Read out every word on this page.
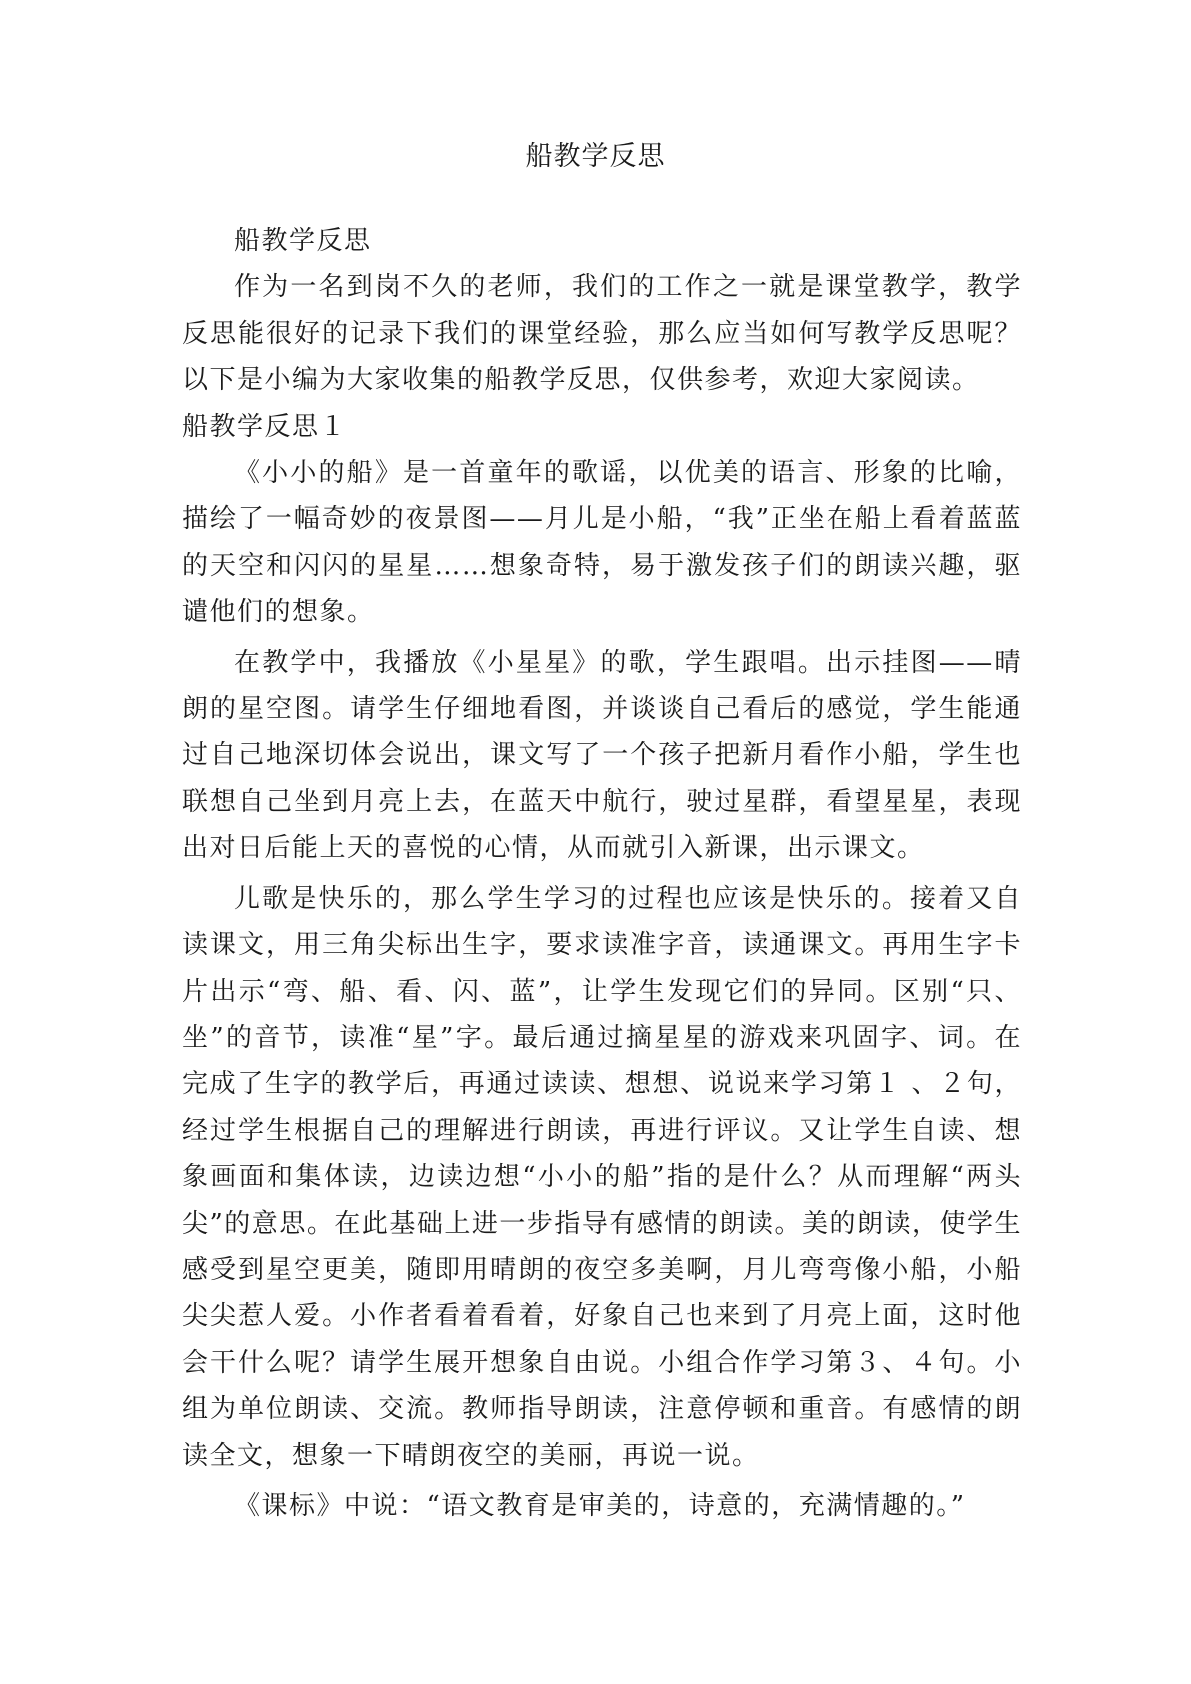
船教学反思

船教学反思

作为一名到岗不久的老师，我们的工作之一就是课堂教学，教学反思能很好的记录下我们的课堂经验，那么应当如何写教学反思呢？以下是小编为大家收集的船教学反思，仅供参考，欢迎大家阅读。

船教学反思１

《小小的船》是一首童年的歌谣，以优美的语言、形象的比喻，描绘了一幅奇妙的夜景图——月儿是小船，“我”正坐在船上看着蓝蓝的天空和闪闪的星星……想象奇特，易于激发孩子们的朗读兴趣，驱谴他们的想象。

在教学中，我播放《小星星》的歌，学生跟唱。出示挂图——晴朗的星空图。请学生仔细地看图，并谈谈自己看后的感觉，学生能通过自己地深切体会说出，课文写了一个孩子把新月看作小船，学生也联想自己坐到月亮上去，在蓝天中航行，驶过星群，看望星星，表现出对日后能上天的喜悦的心情，从而就引入新课，出示课文。

儿歌是快乐的，那么学生学习的过程也应该是快乐的。接着又自读课文，用三角尖标出生字，要求读准字音，读通课文。再用生字卡片出示“弯、船、看、闪、蓝”，让学生发现它们的异同。区别“只、坐”的音节，读准“星”字。最后通过摘星星的游戏来巩固字、词。在完成了生字的教学后，再通过读读、想想、说说来学习第１ 、２句，经过学生根据自己的理解进行朗读，再进行评议。又让学生自读、想象画面和集体读，边读边想“小小的船”指的是什么？从而理解“两头尖”的意思。在此基础上进一步指导有感情的朗读。美的朗读，使学生感受到星空更美，随即用晴朗的夜空多美啊，月儿弯弯像小船，小船尖尖惹人爱。小作者看着看着，好象自己也来到了月亮上面，这时他会干什么呢？请学生展开想象自由说。小组合作学习第３、４句。小组为单位朗读、交流。教师指导朗读，注意停顿和重音。有感情的朗读全文，想象一下晴朗夜空的美丽，再说一说。

《课标》中说：“语文教育是审美的，诗意的，充满情趣的。”
